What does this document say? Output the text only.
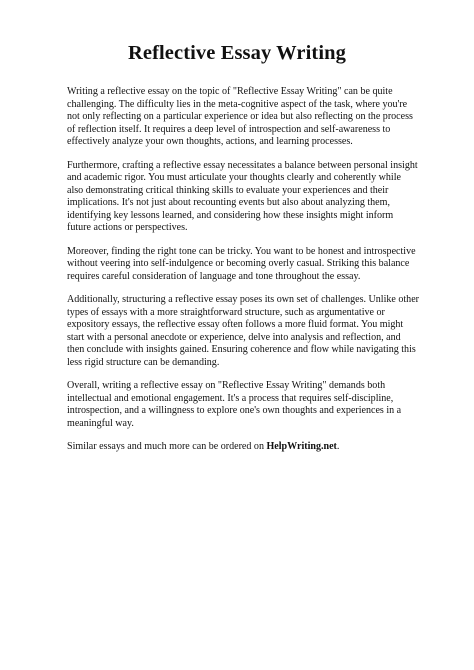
Reflective Essay Writing

Writing a reflective essay on the topic of "Reflective Essay Writing" can be quite challenging. The difficulty lies in the meta-cognitive aspect of the task, where you're not only reflecting on a particular experience or idea but also reflecting on the process of reflection itself. It requires a deep level of introspection and self-awareness to effectively analyze your own thoughts, actions, and learning processes.

Furthermore, crafting a reflective essay necessitates a balance between personal insight and academic rigor. You must articulate your thoughts clearly and coherently while also demonstrating critical thinking skills to evaluate your experiences and their implications. It's not just about recounting events but also about analyzing them, identifying key lessons learned, and considering how these insights might inform future actions or perspectives.

Moreover, finding the right tone can be tricky. You want to be honest and introspective without veering into self-indulgence or becoming overly casual. Striking this balance requires careful consideration of language and tone throughout the essay.

Additionally, structuring a reflective essay poses its own set of challenges. Unlike other types of essays with a more straightforward structure, such as argumentative or expository essays, the reflective essay often follows a more fluid format. You might start with a personal anecdote or experience, delve into analysis and reflection, and then conclude with insights gained. Ensuring coherence and flow while navigating this less rigid structure can be demanding.

Overall, writing a reflective essay on "Reflective Essay Writing" demands both intellectual and emotional engagement. It's a process that requires self-discipline, introspection, and a willingness to explore one's own thoughts and experiences in a meaningful way.

Similar essays and much more can be ordered on HelpWriting.net.
